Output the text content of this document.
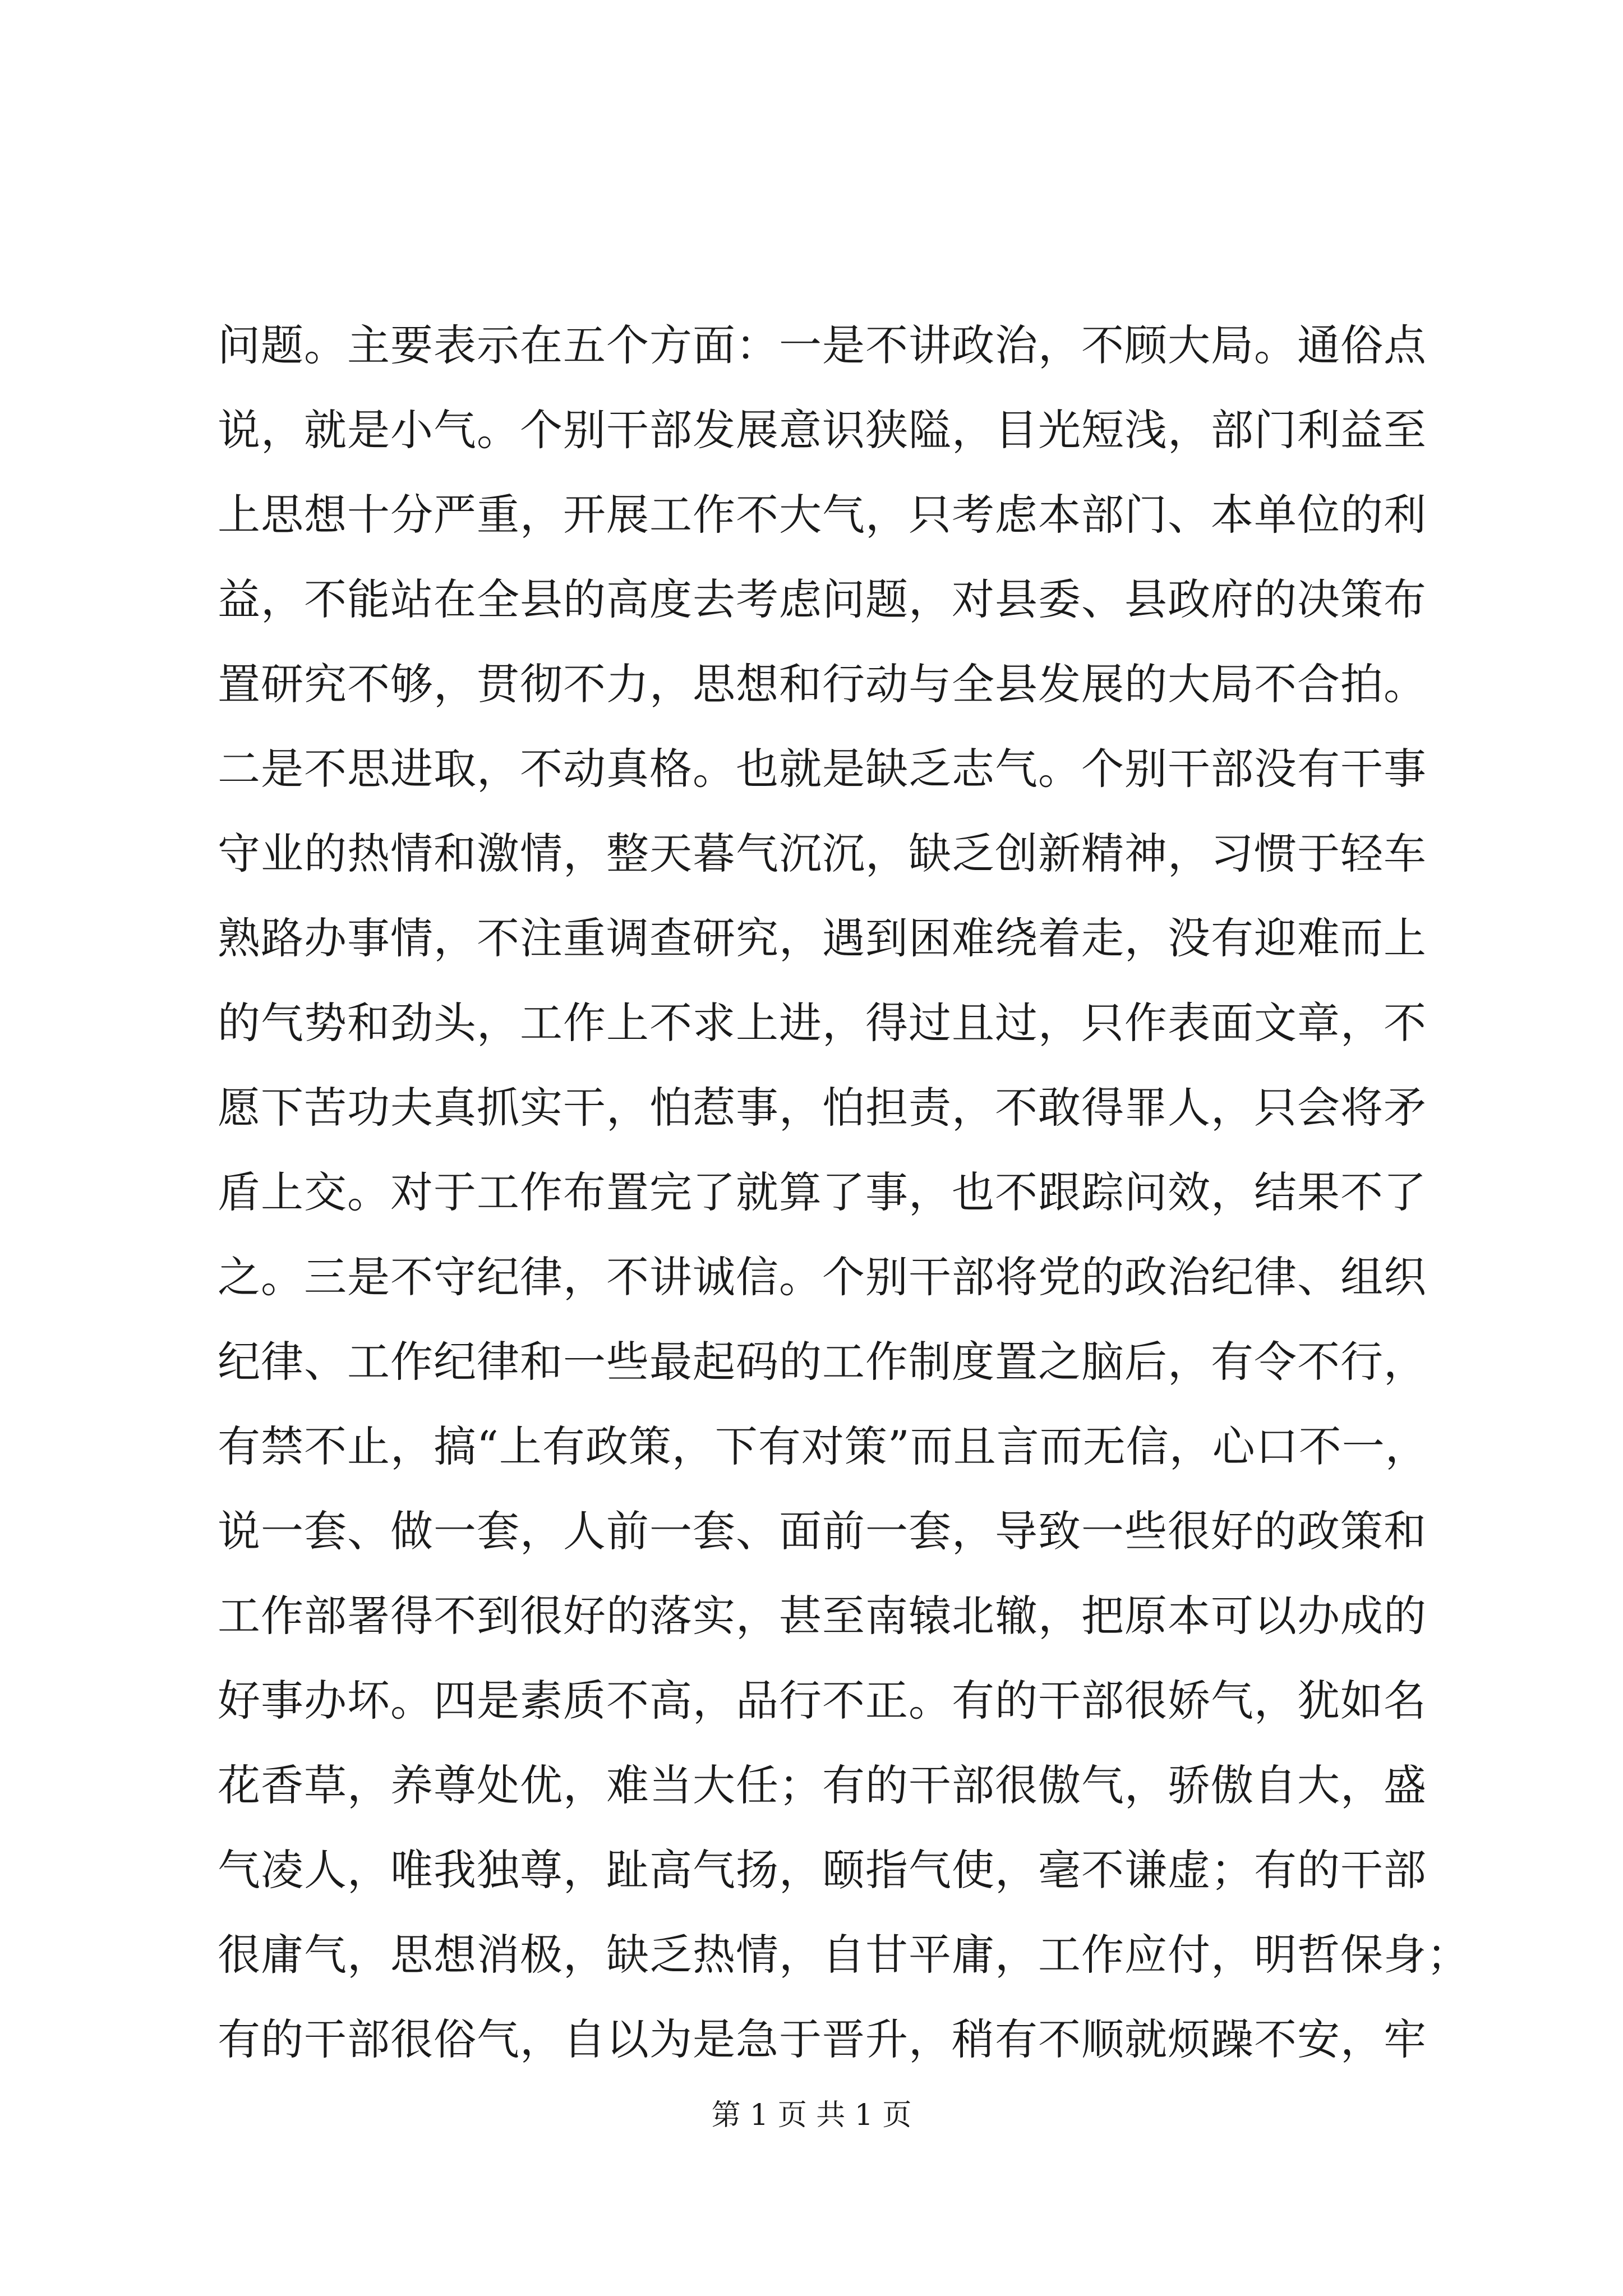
问题。主要表示在五个方面：一是不讲政治，不顾大局。通俗点
说，就是小气。个别干部发展意识狭隘，目光短浅，部门利益至
上思想十分严重，开展工作不大气，只考虑本部门、本单位的利
益，不能站在全县的高度去考虑问题，对县委、县政府的决策布
置研究不够，贯彻不力，思想和行动与全县发展的大局不合拍。
二是不思进取，不动真格。也就是缺乏志气。个别干部没有干事
守业的热情和激情，整天暮气沉沉，缺乏创新精神，习惯于轻车
熟路办事情，不注重调查研究，遇到困难绕着走，没有迎难而上
的气势和劲头，工作上不求上进，得过且过，只作表面文章，不
愿下苦功夫真抓实干，怕惹事，怕担责，不敢得罪人，只会将矛
盾上交。对于工作布置完了就算了事，也不跟踪问效，结果不了
之。三是不守纪律，不讲诚信。个别干部将党的政治纪律、组织
纪律、工作纪律和一些最起码的工作制度置之脑后，有令不行，
有禁不止，搞“上有政策，下有对策”而且言而无信，心口不一，
说一套、做一套，人前一套、面前一套，导致一些很好的政策和
工作部署得不到很好的落实，甚至南辕北辙，把原本可以办成的
好事办坏。四是素质不高，品行不正。有的干部很娇气，犹如名
花香草，养尊处优，难当大任；有的干部很傲气，骄傲自大，盛
气凌人，唯我独尊，趾高气扬，颐指气使，毫不谦虚；有的干部
很庸气，思想消极，缺乏热情，自甘平庸，工作应付，明哲保身；
有的干部很俗气，自以为是急于晋升，稍有不顺就烦躁不安，牢
第 1 页 共 1 页
